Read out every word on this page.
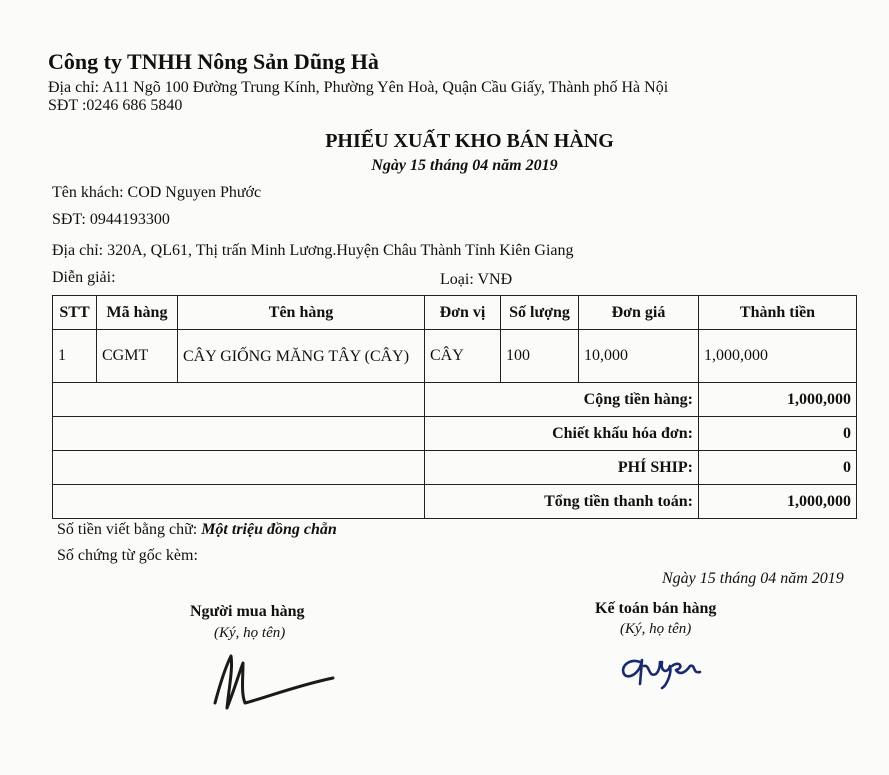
Công ty TNHH Nông Sản Dũng Hà
Địa chỉ: A11 Ngõ 100 Đường Trung Kính, Phường Yên Hoà, Quận Cầu Giấy, Thành phố Hà Nội
SĐT :0246 686 5840
PHIẾU XUẤT KHO BÁN HÀNG
Ngày 15 tháng 04 năm 2019
Tên khách: COD Nguyen Phước
SĐT: 0944193300
Địa chỉ: 320A, QL61, Thị trấn Minh Lương.Huyện Châu Thành Tỉnh Kiên Giang
Diễn giải:	Loại: VNĐ
STT	Mã hàng	Tên hàng	Đơn vị	Số lượng	Đơn giá	Thành tiền
1	CGMT	CÂY GIỐNG MĂNG TÂY (CÂY)	CÂY	100	10,000	1,000,000
			Cộng tiền hàng:			1,000,000
			Chiết khấu hóa đơn:			0
			PHÍ SHIP:			0
			Tổng tiền thanh toán:			1,000,000
Số tiền viết bằng chữ: Một triệu đồng chẵn
Số chứng từ gốc kèm:
Ngày 15 tháng 04 năm 2019
Người mua hàng
(Ký, họ tên)
Kế toán bán hàng
(Ký, họ tên)
